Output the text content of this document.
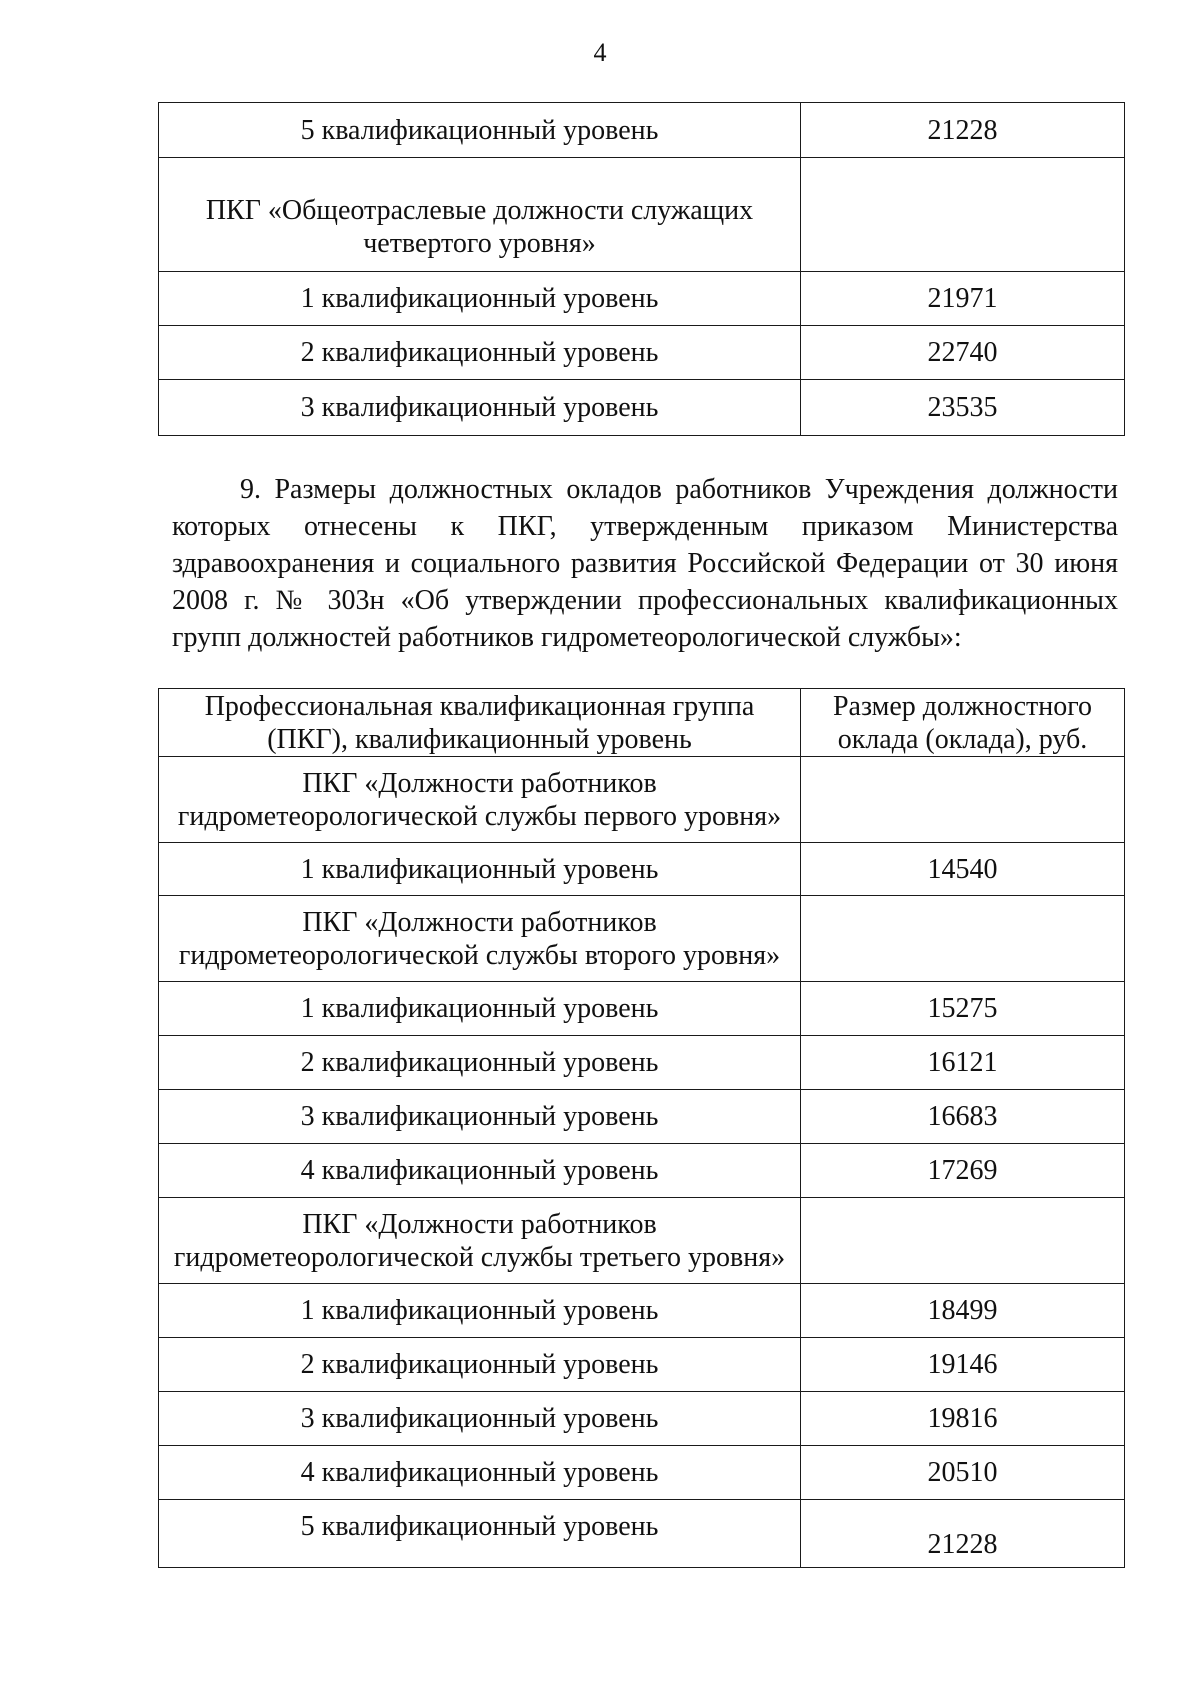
4
5 квалификационный уровень	21228
ПКГ «Общеотраслевые должности служащих четвертого уровня»	
1 квалификационный уровень	21971
2 квалификационный уровень	22740
3 квалификационный уровень	23535
9. Размеры должностных окладов работников Учреждения должности которых отнесены к ПКГ, утвержденным приказом Министерства здравоохранения и социального развития Российской Федерации от 30 июня 2008 г. № 303н «Об утверждении профессиональных квалификационных групп должностей работников гидрометеорологической службы»:
Профессиональная квалификационная группа (ПКГ), квалификационный уровень	Размер должностного оклада (оклада), руб.
ПКГ «Должности работников гидрометеорологической службы первого уровня»	
1 квалификационный уровень	14540
ПКГ «Должности работников гидрометеорологической службы второго уровня»	
1 квалификационный уровень	15275
2 квалификационный уровень	16121
3 квалификационный уровень	16683
4 квалификационный уровень	17269
ПКГ «Должности работников гидрометеорологической службы третьего уровня»	
1 квалификационный уровень	18499
2 квалификационный уровень	19146
3 квалификационный уровень	19816
4 квалификационный уровень	20510
5 квалификационный уровень	21228
